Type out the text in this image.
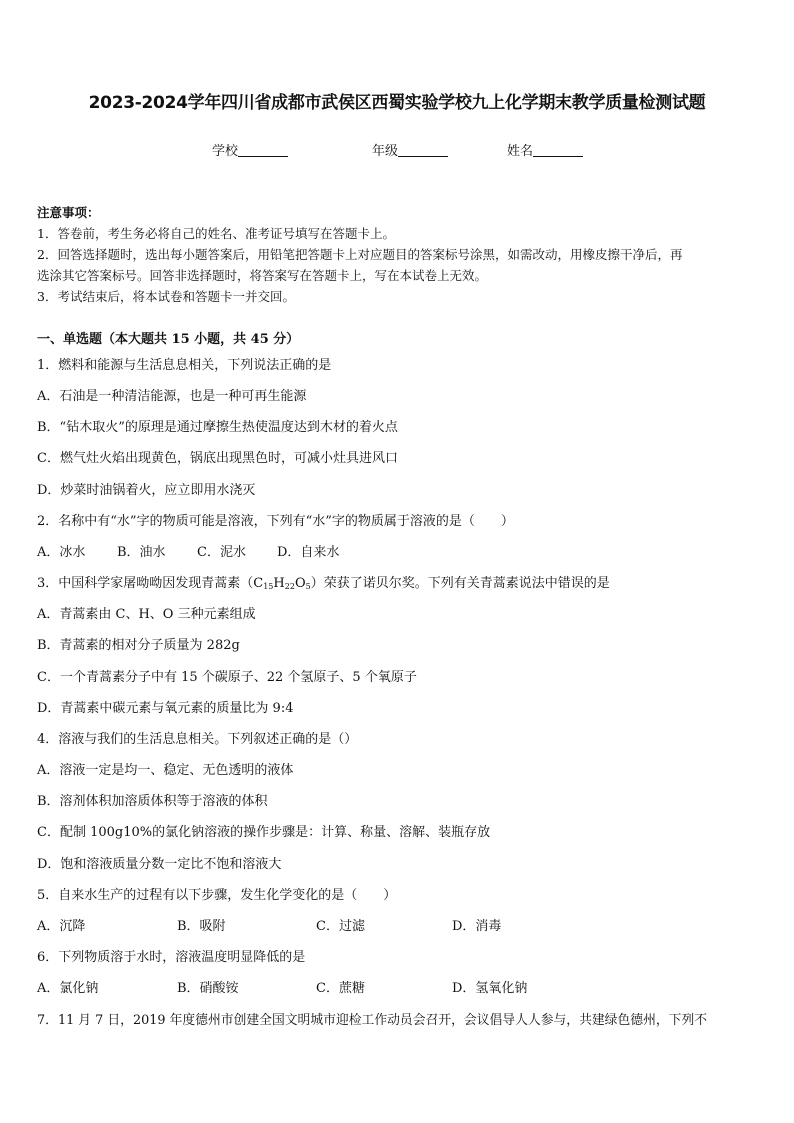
2023-2024学年四川省成都市武侯区西蜀实验学校九上化学期末教学质量检测试题
学校	年级	姓名
注意事项：
1．答卷前，考生务必将自己的姓名、准考证号填写在答题卡上。
2．回答选择题时，选出每小题答案后，用铅笔把答题卡上对应题目的答案标号涂黑，如需改动，用橡皮擦干净后，再
选涂其它答案标号。回答非选择题时，将答案写在答题卡上，写在本试卷上无效。
3．考试结束后，将本试卷和答题卡一并交回。
一、单选题（本大题共 15 小题，共 45 分）
1．燃料和能源与生活息息相关，下列说法正确的是
A．石油是一种清洁能源，也是一种可再生能源
B．“钻木取火”的原理是通过摩擦生热使温度达到木材的着火点
C．燃气灶火焰出现黄色，锅底出现黑色时，可减小灶具进风口
D．炒菜时油锅着火，应立即用水浇灭
2．名称中有“水”字的物质可能是溶液，下列有“水”字的物质属于溶液的是（　　）
A．冰水 B．油水 C．泥水 D．自来水
3．中国科学家屠呦呦因发现青蒿素$(C_{15}H_{22}O_5)$荣获了诺贝尔奖。下列有关青蒿素说法中错误的是
A．青蒿素由 C、H、O 三种元素组成
B．青蒿素的相对分子质量为 282g
C．一个青蒿素分子中有 15 个碳原子、22 个氢原子、5 个氧原子
D．青蒿素中碳元素与氧元素的质量比为 9:4
4．溶液与我们的生活息息相关。下列叙述正确的是（）
A．溶液一定是均一、稳定、无色透明的液体
B．溶剂体积加溶质体积等于溶液的体积
C．配制 100g10%的氯化钠溶液的操作步骤是：计算、称量、溶解、装瓶存放
D．饱和溶液质量分数一定比不饱和溶液大
5．自来水生产的过程有以下步骤，发生化学变化的是（　　）
A．沉降	B．吸附	C．过滤	D．消毒
6．下列物质溶于水时，溶液温度明显降低的是
A．氯化钠	B．硝酸铵	C．蔗糖	D．氢氧化钠
7．11 月 7 日，2019 年度德州市创建全国文明城市迎检工作动员会召开，会议倡导人人参与，共建绿色德州，下列不
